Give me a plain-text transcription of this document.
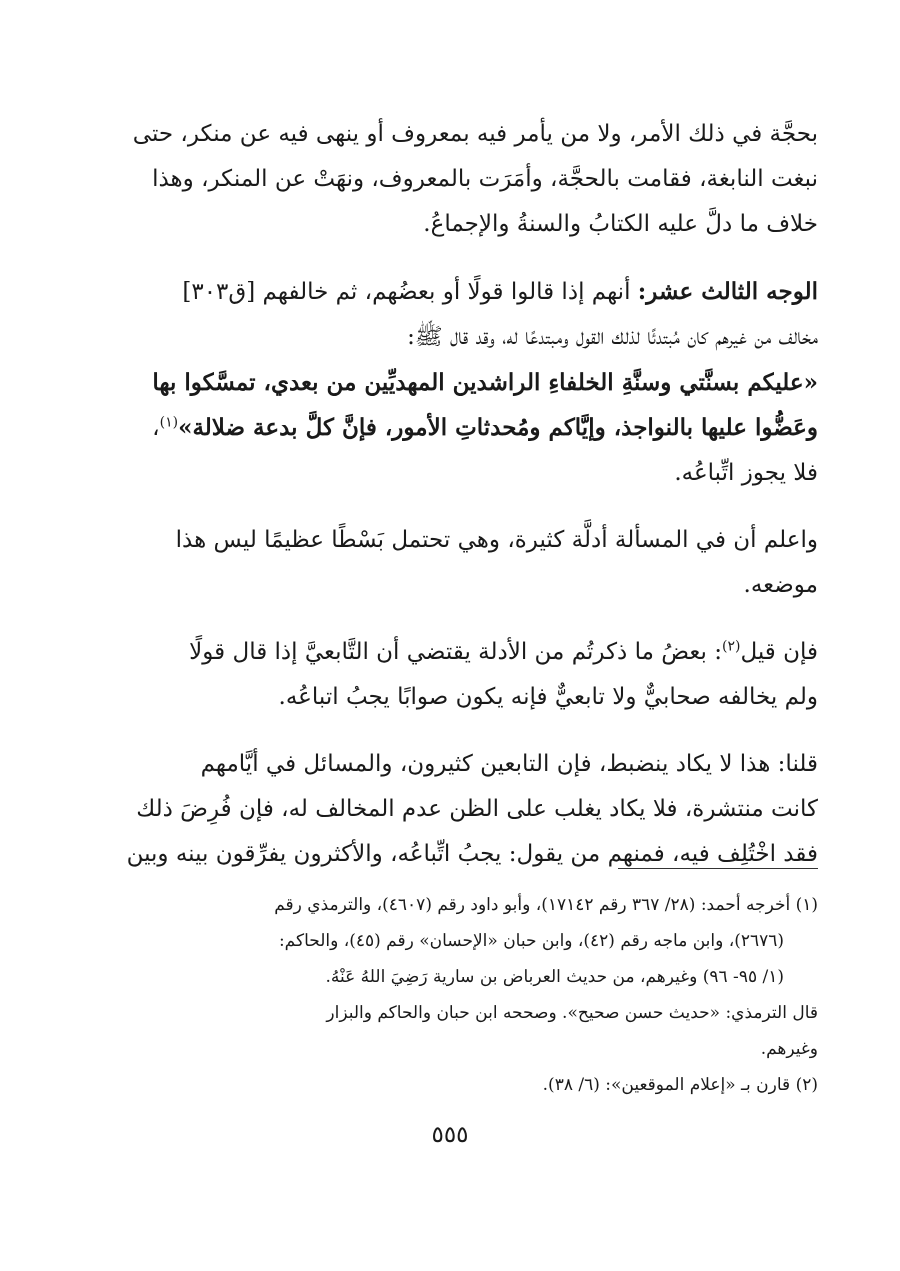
بحجَّة في ذلك الأمر، ولا من يأمر فيه بمعروف أو ينهى فيه عن منكر، حتى
نبغت النابغة، فقامت بالحجَّة، وأمَرَت بالمعروف، ونهَتْ عن المنكر، وهذا
خلاف ما دلَّ عليه الكتابُ والسنةُ والإجماعُ.
الوجه الثالث عشر: أنهم إذا قالوا قولًا أو بعضُهم، ثم خالفهم [ق٣٠٣]
مخالف من غيرهم كان مُبتدئًا لذلك القول ومبتدعًا له، وقد قال ﷺ:
«عليكم بسنَّتي وسنَّةِ الخلفاءِ الراشدين المهديِّين من بعدي، تمسَّكوا بها
وعَضُّوا عليها بالنواجذ، وإيَّاكم ومُحدثاتِ الأمور، فإنَّ كلَّ بدعة ضلالة»$^{(١)}$،
فلا يجوز اتِّباعُه.
واعلم أن في المسألة أدلَّة كثيرة، وهي تحتمل بَسْطًا عظيمًا ليس هذا
موضعه.
فإن قيل$^{(٢)}$: بعضُ ما ذكرتُم من الأدلة يقتضي أن التَّابعيَّ إذا قال قولًا
ولم يخالفه صحابيٌّ ولا تابعيٌّ فإنه يكون صوابًا يجبُ اتباعُه.
قلنا: هذا لا يكاد ينضبط، فإن التابعين كثيرون، والمسائل في أيَّامهم
كانت منتشرة، فلا يكاد يغلب على الظن عدم المخالف له، فإن فُرِضَ ذلك
فقد اخْتُلِف فيه، فمنهم من يقول: يجبُ اتِّباعُه، والأكثرون يفرِّقون بينه وبين
(١) أخرجه أحمد: (٢٨/ ٣٦٧ رقم ١٧١٤٢)، وأبو داود رقم (٤٦٠٧)، والترمذي رقم
(٢٦٧٦)، وابن ماجه رقم (٤٢)، وابن حبان «الإحسان» رقم (٤٥)، والحاكم:
(١/ ٩٥- ٩٦) وغيرهم، من حديث العرباض بن سارية رَضِيَ اللهُ عَنْهُ.
قال الترمذي: «حديث حسن صحيح». وصححه ابن حبان والحاكم والبزار
وغيرهم.
(٢) قارن بـ «إعلام الموقعين»: (٦/ ٣٨).
٥٥٥
